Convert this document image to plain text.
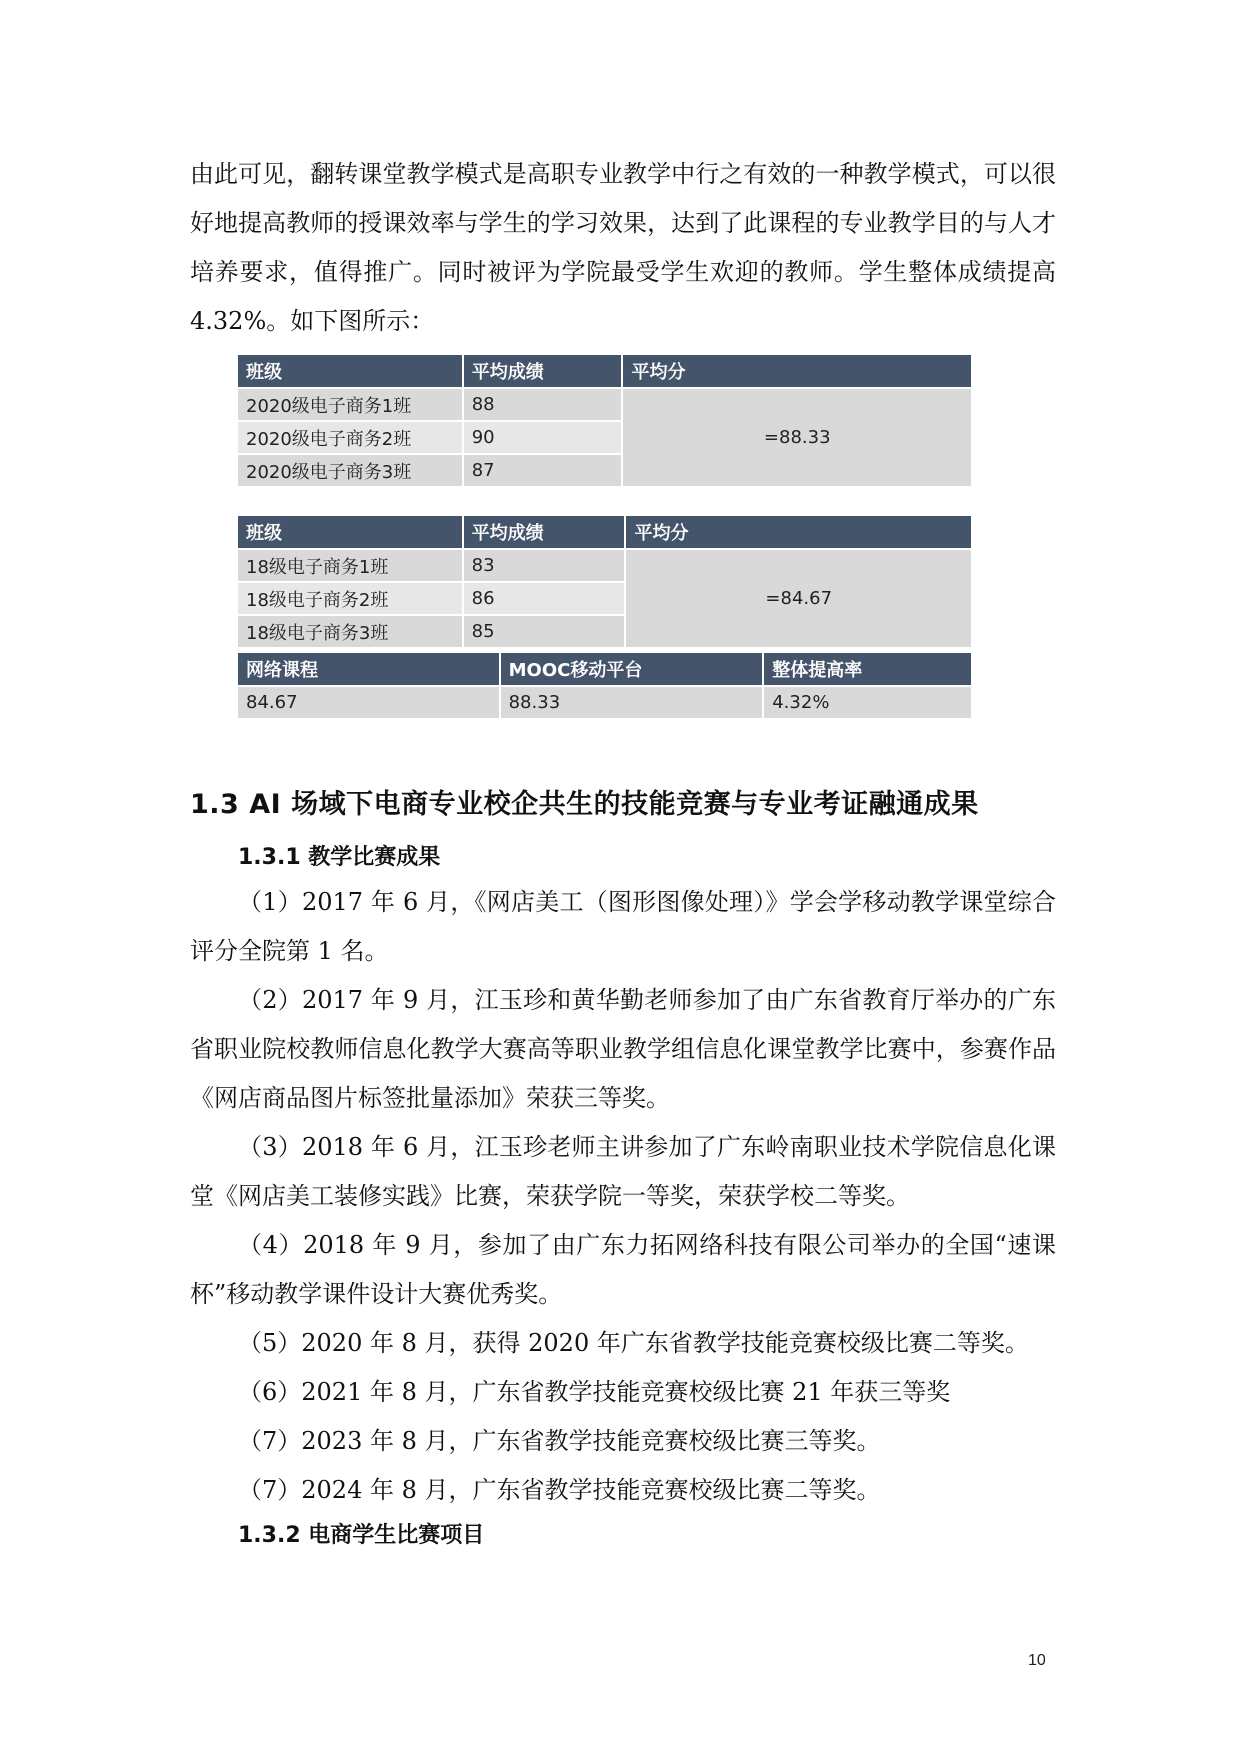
由此可见，翻转课堂教学模式是高职专业教学中行之有效的一种教学模式，可以很好地提高教师的授课效率与学生的学习效果，达到了此课程的专业教学目的与人才培养要求，值得推广。同时被评为学院最受学生欢迎的教师。学生整体成绩提高 4.32%。如下图所示：

班级	平均成绩	平均分
2020级电子商务1班	88	=88.33
2020级电子商务2班	90	
2020级电子商务3班	87	
班级	平均成绩	平均分
18级电子商务1班	83	=84.67
18级电子商务2班	86	
18级电子商务3班	85	
网络课程	MOOC移动平台	整体提高率
84.67	88.33	4.32%
1.3 AI 场域下电商专业校企共生的技能竞赛与专业考证融通成果
1.3.1 教学比赛成果

（1）2017 年 6 月，《网店美工（图形图像处理）》学会学移动教学课堂综合评分全院第 1 名。

（2）2017 年 9 月，江玉珍和黄华勤老师参加了由广东省教育厅举办的广东省职业院校教师信息化教学大赛高等职业教学组信息化课堂教学比赛中，参赛作品《网店商品图片标签批量添加》荣获三等奖。

（3）2018 年 6 月，江玉珍老师主讲参加了广东岭南职业技术学院信息化课堂《网店美工装修实践》比赛，荣获学院一等奖，荣获学校二等奖。

（4）2018 年 9 月，参加了由广东力拓网络科技有限公司举办的全国“速课杯”移动教学课件设计大赛优秀奖。

（5）2020 年 8 月，获得 2020 年广东省教学技能竞赛校级比赛二等奖。

（6）2021 年 8 月，广东省教学技能竞赛校级比赛 21 年获三等奖

（7）2023 年 8 月，广东省教学技能竞赛校级比赛三等奖。

（7）2024 年 8 月，广东省教学技能竞赛校级比赛二等奖。

1.3.2 电商学生比赛项目
10
